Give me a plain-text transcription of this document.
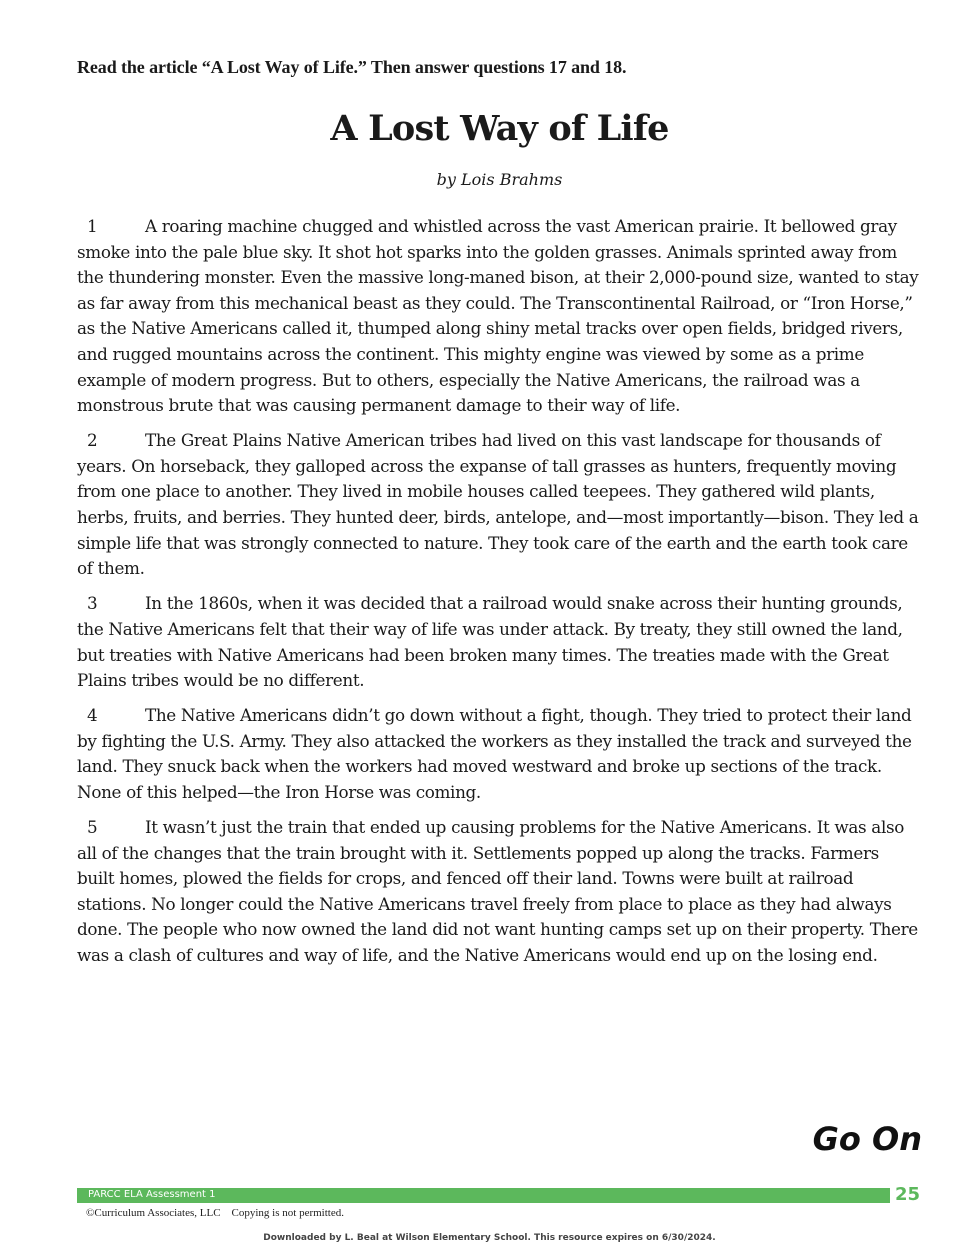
Read the article “A Lost Way of Life.” Then answer questions 17 and 18.

A Lost Way of Life

by Lois Brahms

1	A roaring machine chugged and whistled across the vast American prairie. It bellowed gray smoke into the pale blue sky. It shot hot sparks into the golden grasses. Animals sprinted away from the thundering monster. Even the massive long-maned bison, at their 2,000-pound size, wanted to stay as far away from this mechanical beast as they could. The Transcontinental Railroad, or “Iron Horse,” as the Native Americans called it, thumped along shiny metal tracks over open fields, bridged rivers, and rugged mountains across the continent. This mighty engine was viewed by some as a prime example of modern progress. But to others, especially the Native Americans, the railroad was a monstrous brute that was causing permanent damage to their way of life.

2	The Great Plains Native American tribes had lived on this vast landscape for thousands of years. On horseback, they galloped across the expanse of tall grasses as hunters, frequently moving from one place to another. They lived in mobile houses called teepees. They gathered wild plants, herbs, fruits, and berries. They hunted deer, birds, antelope, and—most importantly—bison. They led a simple life that was strongly connected to nature. They took care of the earth and the earth took care of them.

3	In the 1860s, when it was decided that a railroad would snake across their hunting grounds, the Native Americans felt that their way of life was under attack. By treaty, they still owned the land, but treaties with Native Americans had been broken many times. The treaties made with the Great Plains tribes would be no different.

4	The Native Americans didn’t go down without a fight, though. They tried to protect their land by fighting the U.S. Army. They also attacked the workers as they installed the track and surveyed the land. They snuck back when the workers had moved westward and broke up sections of the track. None of this helped—the Iron Horse was coming.

5	It wasn’t just the train that ended up causing problems for the Native Americans. It was also all of the changes that the train brought with it. Settlements popped up along the tracks. Farmers built homes, plowed the fields for crops, and fenced off their land. Towns were built at railroad stations. No longer could the Native Americans travel freely from place to place as they had always done. The people who now owned the land did not want hunting camps set up on their property. There was a clash of cultures and way of life, and the Native Americans would end up on the losing end.

Go On
PARCC ELA Assessment 1	25
©Curriculum Associates, LLC    Copying is not permitted.
Downloaded by L. Beal at Wilson Elementary School. This resource expires on 6/30/2024.
